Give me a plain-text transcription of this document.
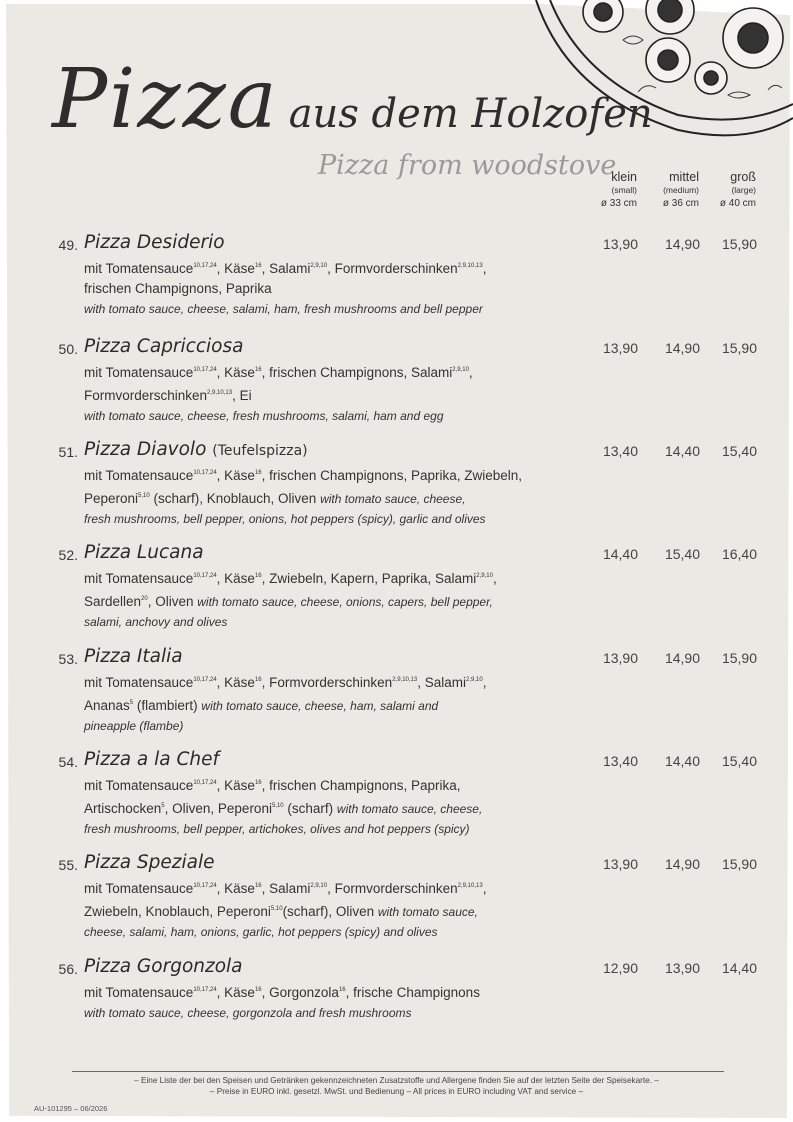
Pizza aus dem Holzofen
Pizza from woodstove
klein
(small)
ø 33 cm
mittel
(medium)
ø 36 cm
groß
(large)
ø 40 cm
49. Pizza Desiderio
mit Tomatensauce$^{10,17,24}$, Käse$^{16}$, Salami$^{2,9,10}$, Formvorderschinken$^{2,9,10,13}$,
frischen Champignons, Paprika
with tomato sauce, cheese, salami, ham, fresh mushrooms and bell pepper
13,90	14,90	15,90
50. Pizza Capricciosa
mit Tomatensauce$^{10,17,24}$, Käse$^{16}$, frischen Champignons, Salami$^{2,9,10}$,
Formvorderschinken$^{2,9,10,13}$, Ei
with tomato sauce, cheese, fresh mushrooms, salami, ham and egg
13,90	14,90	15,90
51. Pizza Diavolo (Teufelspizza)
mit Tomatensauce$^{10,17,24}$, Käse$^{16}$, frischen Champignons, Paprika, Zwiebeln,
Peperoni$^{5,10}$ (scharf), Knoblauch, Oliven with tomato sauce, cheese,
fresh mushrooms, bell pepper, onions, hot peppers (spicy), garlic and olives
13,40	14,40	15,40
52. Pizza Lucana
mit Tomatensauce$^{10,17,24}$, Käse$^{16}$, Zwiebeln, Kapern, Paprika, Salami$^{2,9,10}$,
Sardellen$^{20}$, Oliven with tomato sauce, cheese, onions, capers, bell pepper,
salami, anchovy and olives
14,40	15,40	16,40
53. Pizza Italia
mit Tomatensauce$^{10,17,24}$, Käse$^{16}$, Formvorderschinken$^{2,9,10,13}$, Salami$^{2,9,10}$,
Ananas$^5$ (flambiert) with tomato sauce, cheese, ham, salami and
pineapple (flambe)
13,90	14,90	15,90
54. Pizza a la Chef
mit Tomatensauce$^{10,17,24}$, Käse$^{16}$, frischen Champignons, Paprika,
Artischocken$^5$, Oliven, Peperoni$^{5,10}$ (scharf) with tomato sauce, cheese,
fresh mushrooms, bell pepper, artichokes, olives and hot peppers (spicy)
13,40	14,40	15,40
55. Pizza Speziale
mit Tomatensauce$^{10,17,24}$, Käse$^{16}$, Salami$^{2,9,10}$, Formvorderschinken$^{2,9,10,13}$,
Zwiebeln, Knoblauch, Peperoni$^{5,10}$(scharf), Oliven with tomato sauce,
cheese, salami, ham, onions, garlic, hot peppers (spicy) and olives
13,90	14,90	15,90
56. Pizza Gorgonzola
mit Tomatensauce$^{10,17,24}$, Käse$^{16}$, Gorgonzola$^{16}$, frische Champignons
with tomato sauce, cheese, gorgonzola and fresh mushrooms
12,90	13,90	14,40
– Eine Liste der bei den Speisen und Getränken gekennzeichneten Zusatzstoffe und Allergene finden Sie auf der letzten Seite der Speisekarte. –
– Preise in EURO inkl. gesetzl. MwSt. und Bedienung – All prices in EURO including VAT and service –
AU-101295 – 06/2026
